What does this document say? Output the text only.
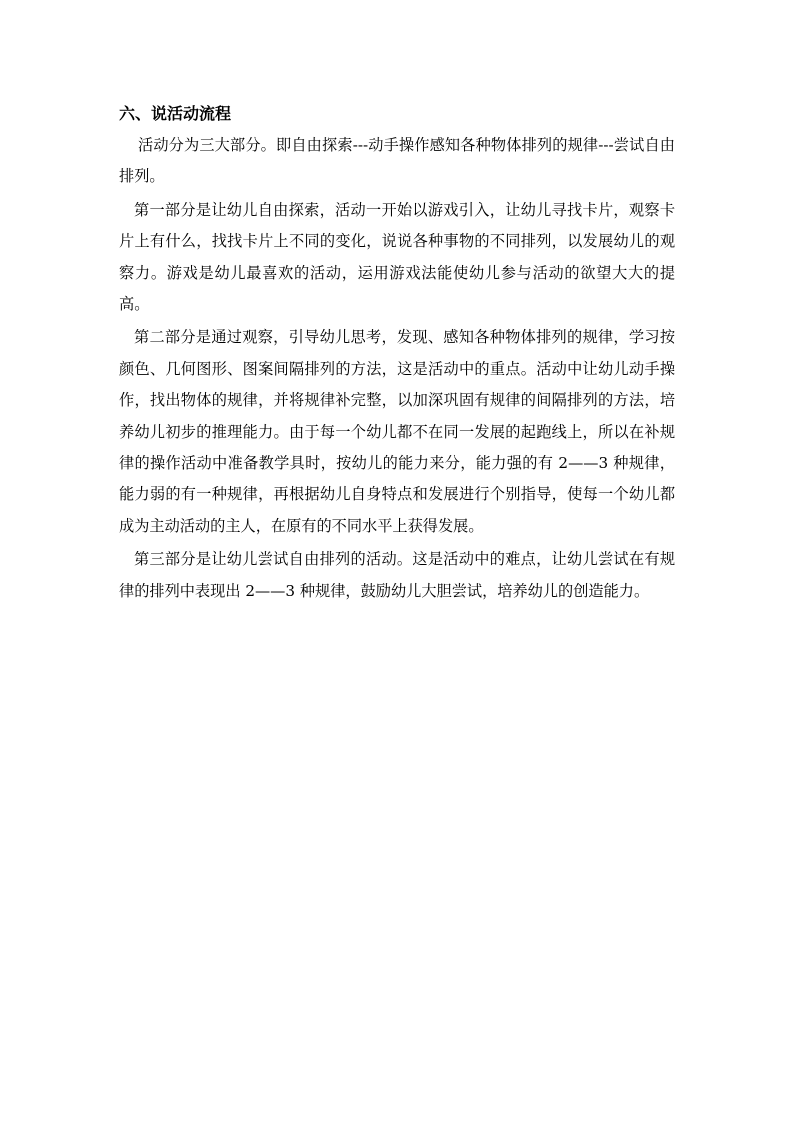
六、说活动流程

活动分为三大部分。即自由探索---动手操作感知各种物体排列的规律---尝试自由排列。

第一部分是让幼儿自由探索，活动一开始以游戏引入，让幼儿寻找卡片，观察卡片上有什么，找找卡片上不同的变化，说说各种事物的不同排列，以发展幼儿的观察力。游戏是幼儿最喜欢的活动，运用游戏法能使幼儿参与活动的欲望大大的提高。

第二部分是通过观察，引导幼儿思考，发现、感知各种物体排列的规律，学习按颜色、几何图形、图案间隔排列的方法，这是活动中的重点。活动中让幼儿动手操作，找出物体的规律，并将规律补完整，以加深巩固有规律的间隔排列的方法，培养幼儿初步的推理能力。由于每一个幼儿都不在同一发展的起跑线上，所以在补规律的操作活动中准备教学具时，按幼儿的能力来分，能力强的有 2——3 种规律，能力弱的有一种规律，再根据幼儿自身特点和发展进行个别指导，使每一个幼儿都成为主动活动的主人，在原有的不同水平上获得发展。

第三部分是让幼儿尝试自由排列的活动。这是活动中的难点，让幼儿尝试在有规律的排列中表现出 2——3 种规律，鼓励幼儿大胆尝试，培养幼儿的创造能力。
